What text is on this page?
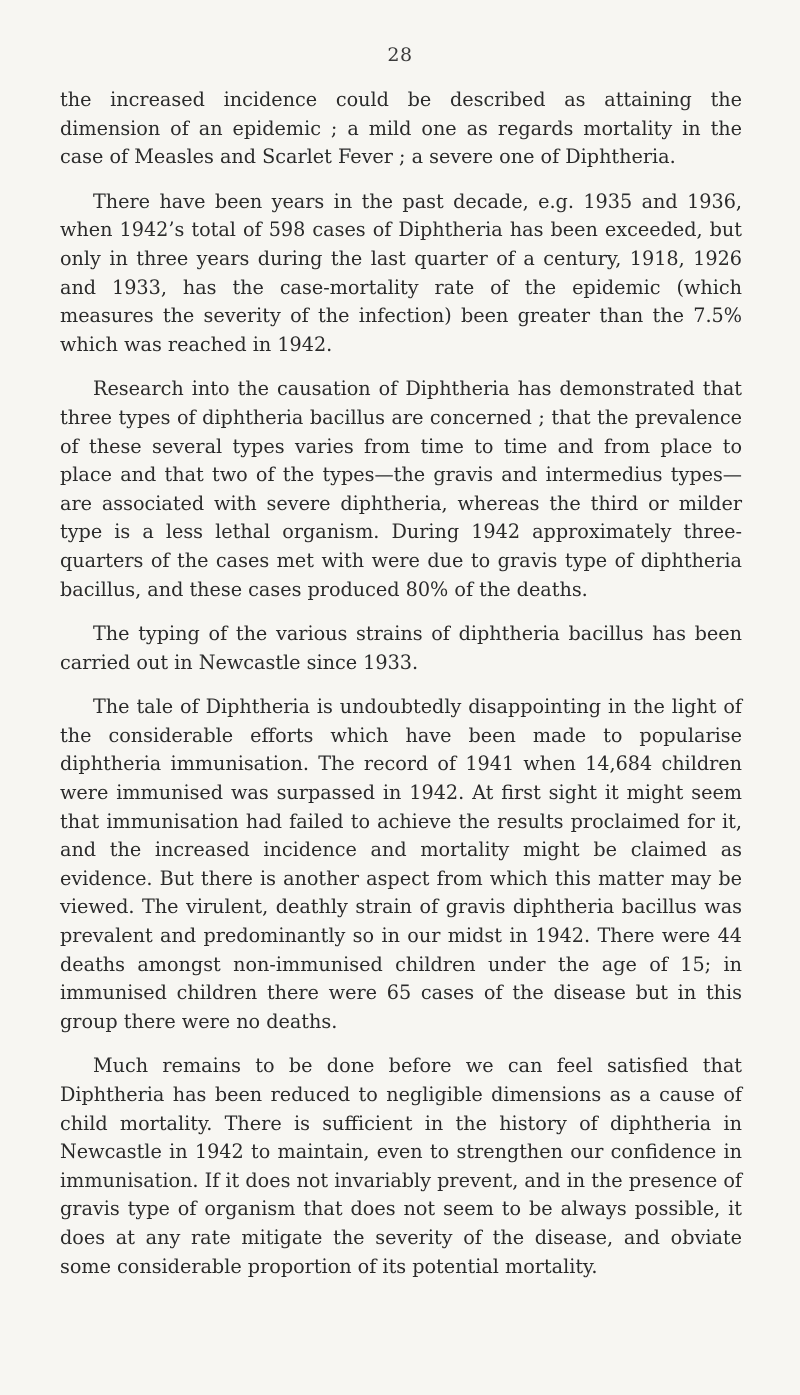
28

the increased incidence could be described as attaining the dimension of an epidemic ; a mild one as regards mortality in the case of Measles and Scarlet Fever ; a severe one of Diphtheria.

There have been years in the past decade, e.g. 1935 and 1936, when 1942’s total of 598 cases of Diphtheria has been exceeded, but only in three years during the last quarter of a century, 1918, 1926 and 1933, has the case-mortality rate of the epidemic (which measures the severity of the infection) been greater than the 7.5% which was reached in 1942.

Research into the causation of Diphtheria has demonstrated that three types of diphtheria bacillus are concerned ; that the prevalence of these several types varies from time to time and from place to place and that two of the types—the gravis and intermedius types—are associated with severe diphtheria, whereas the third or milder type is a less lethal organism. During 1942 approximately three-quarters of the cases met with were due to gravis type of diphtheria bacillus, and these cases produced 80% of the deaths.

The typing of the various strains of diphtheria bacillus has been carried out in Newcastle since 1933.

The tale of Diphtheria is undoubtedly disappointing in the light of the considerable efforts which have been made to popularise diphtheria immunisation. The record of 1941 when 14,684 children were immunised was surpassed in 1942. At first sight it might seem that immunisation had failed to achieve the results proclaimed for it, and the increased incidence and mortality might be claimed as evidence. But there is another aspect from which this matter may be viewed. The virulent, deathly strain of gravis diphtheria bacillus was prevalent and predominantly so in our midst in 1942. There were 44 deaths amongst non-immunised children under the age of 15; in immunised children there were 65 cases of the disease but in this group there were no deaths.

Much remains to be done before we can feel satisfied that Diphtheria has been reduced to negligible dimensions as a cause of child mortality. There is sufficient in the history of diphtheria in Newcastle in 1942 to maintain, even to strengthen our confidence in immunisation. If it does not invariably prevent, and in the presence of gravis type of organism that does not seem to be always possible, it does at any rate mitigate the severity of the disease, and obviate some considerable proportion of its potential mortality.
